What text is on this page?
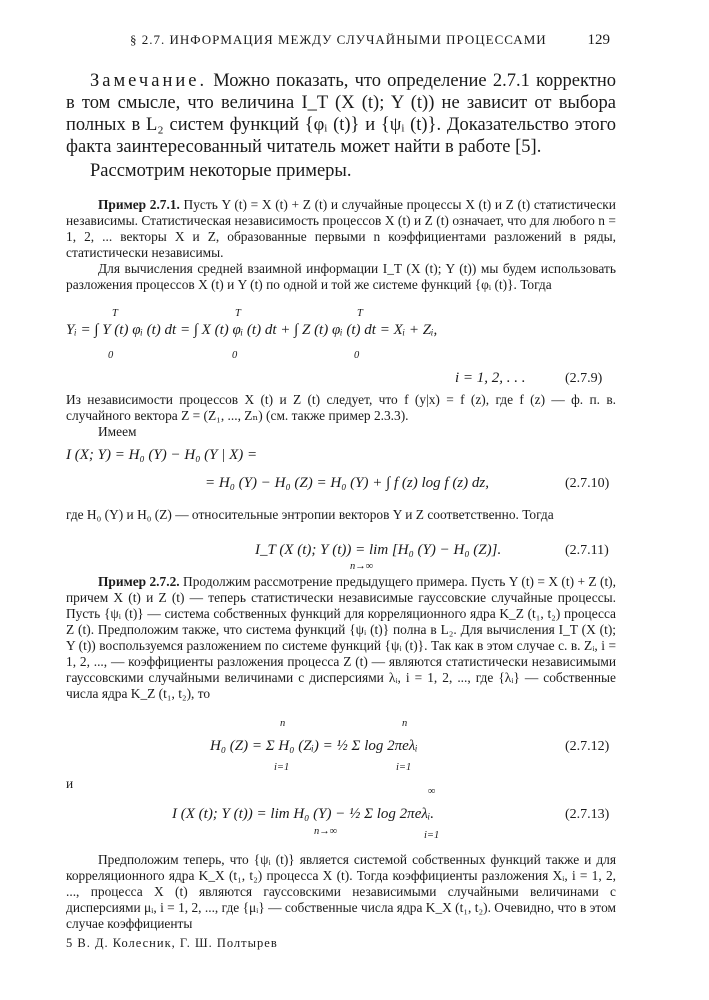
§ 2.7. ИНФОРМАЦИЯ МЕЖДУ СЛУЧАЙНЫМИ ПРОЦЕССАМИ	129

Замечание. Можно показать, что определение 2.7.1 корректно в том смысле, что величина I_T (X (t); Y (t)) не зависит от выбора полных в L₂ систем функций {φᵢ (t)} и {ψᵢ (t)}. Доказательство этого факта заинтересованный читатель может найти в работе [5].

Рассмотрим некоторые примеры.

Пример 2.7.1. Пусть Y (t) = X (t) + Z (t) и случайные процессы X (t) и Z (t) статистически независимы. Статистическая независимость процессов X (t) и Z (t) означает, что для любого n = 1, 2, ... векторы X и Z, образованные первыми n коэффициентами разложений в ряды, статистически независимы.

Для вычисления средней взаимной информации I_T (X (t); Y (t)) мы будем использовать разложения процессов X (t) и Y (t) по одной и той же системе функций {φᵢ (t)}. Тогда

Yᵢ = ∫ Y (t) φᵢ (t) dt = ∫ X (t) φᵢ (t) dt + ∫ Z (t) φᵢ (t) dt = Xᵢ + Zᵢ,
T
0
T
0
T
0
i = 1, 2, . . .	(2.7.9)

Из независимости процессов X (t) и Z (t) следует, что f (y|x) = f (z), где f (z) — ф. п. в. случайного вектора Z = (Z₁, ..., Zₙ) (см. также пример 2.3.3).

Имеем

I (X; Y) = H₀ (Y) − H₀ (Y | X) =
= H₀ (Y) − H₀ (Z) = H₀ (Y) + ∫ f (z) log f (z) dz,	(2.7.10)
где H₀ (Y) и H₀ (Z) — относительные энтропии векторов Y и Z соответственно. Тогда
I_T (X (t); Y (t)) = lim [H₀ (Y) − H₀ (Z)].
n→∞
(2.7.11)

Пример 2.7.2. Продолжим рассмотрение предыдущего примера. Пусть Y (t) = X (t) + Z (t), причем X (t) и Z (t) — теперь статистически независимые гауссовские случайные процессы. Пусть {ψᵢ (t)} — система собственных функций для корреляционного ядра K_Z (t₁, t₂) процесса Z (t). Предположим также, что система функций {ψᵢ (t)} полна в L₂. Для вычисления I_T (X (t); Y (t)) воспользуемся разложением по системе функций {ψᵢ (t)}. Так как в этом случае с. в. Zᵢ, i = 1, 2, ..., — коэффициенты разложения процесса Z (t) — являются статистически независимыми гауссовскими случайными величинами с дисперсиями λᵢ, i = 1, 2, ..., где {λᵢ} — собственные числа ядра K_Z (t₁, t₂), то

H₀ (Z) = Σ H₀ (Zᵢ) = ½ Σ log 2πeλᵢ
n
i=1
n
i=1
(2.7.12)
и
I (X (t); Y (t)) = lim H₀ (Y) − ½ Σ log 2πeλᵢ.
n→∞
∞
i=1
(2.7.13)

Предположим теперь, что {ψᵢ (t)} является системой собственных функций также и для корреляционного ядра K_X (t₁, t₂) процесса X (t). Тогда коэффициенты разложения Xᵢ, i = 1, 2, ..., процесса X (t) являются гауссовскими независимыми случайными величинами с дисперсиями μᵢ, i = 1, 2, ..., где {μᵢ} — собственные числа ядра K_X (t₁, t₂). Очевидно, что в этом случае коэффициенты

5 В. Д. Колесник, Г. Ш. Полтырев
